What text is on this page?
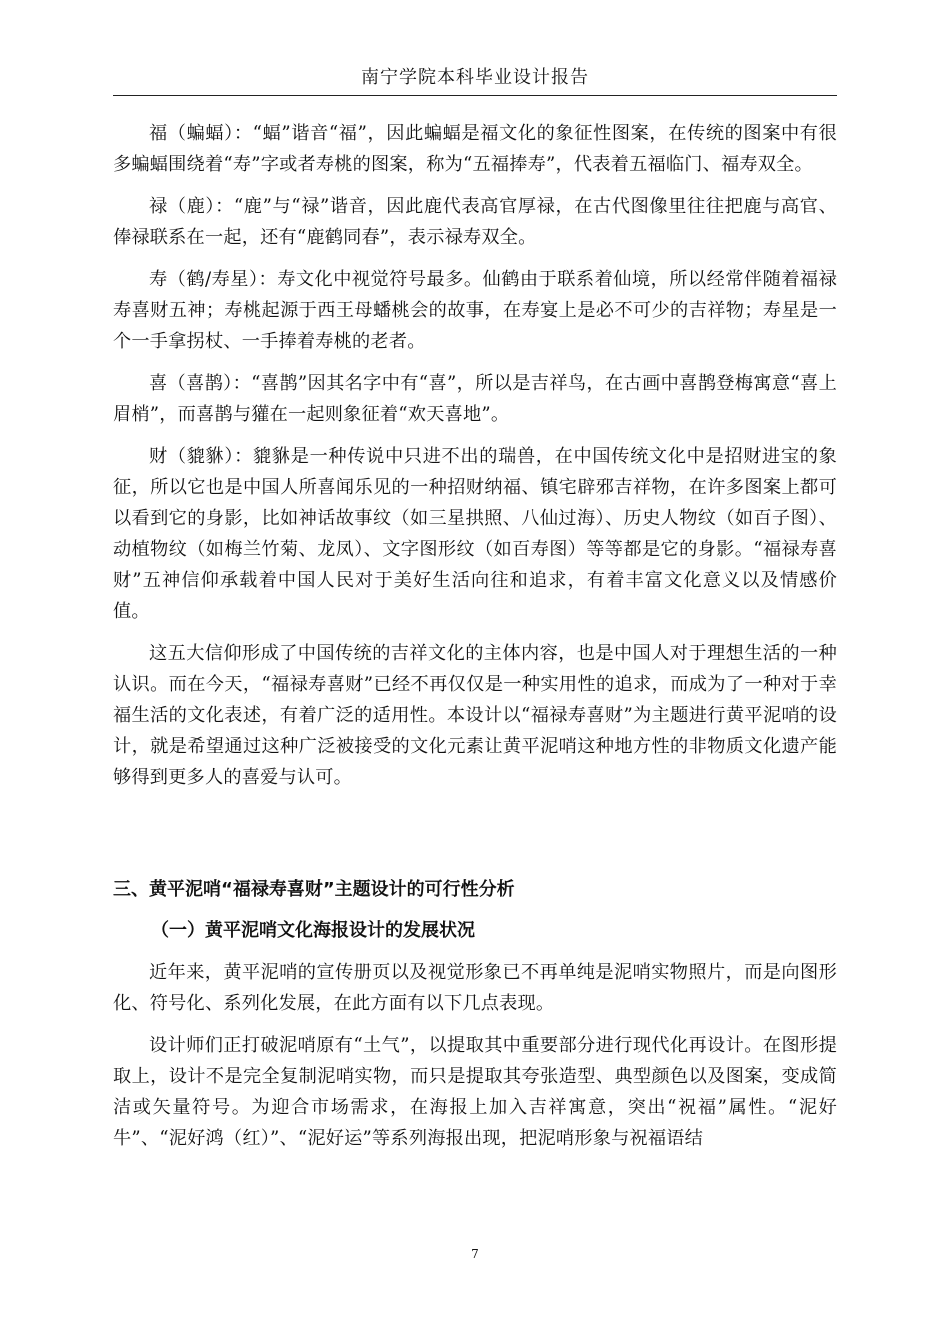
南宁学院本科毕业设计报告

福（蝙蝠）：“蝠”谐音“福”，因此蝙蝠是福文化的象征性图案，在传统的图案中有很多蝙蝠围绕着“寿”字或者寿桃的图案，称为“五福捧寿”，代表着五福临门、福寿双全。

禄（鹿）：“鹿”与“禄”谐音，因此鹿代表高官厚禄，在古代图像里往往把鹿与高官、俸禄联系在一起，还有“鹿鹤同春”，表示禄寿双全。

寿（鹤/寿星）：寿文化中视觉符号最多。仙鹤由于联系着仙境，所以经常伴随着福禄寿喜财五神；寿桃起源于西王母蟠桃会的故事，在寿宴上是必不可少的吉祥物；寿星是一个一手拿拐杖、一手捧着寿桃的老者。

喜（喜鹊）：“喜鹊”因其名字中有“喜”，所以是吉祥鸟，在古画中喜鹊登梅寓意“喜上眉梢”，而喜鹊与獾在一起则象征着“欢天喜地”。

财（貔貅）：貔貅是一种传说中只进不出的瑞兽，在中国传统文化中是招财进宝的象征，所以它也是中国人所喜闻乐见的一种招财纳福、镇宅辟邪吉祥物，在许多图案上都可以看到它的身影，比如神话故事纹（如三星拱照、八仙过海）、历史人物纹（如百子图）、动植物纹（如梅兰竹菊、龙凤）、文字图形纹（如百寿图）等等都是它的身影。“福禄寿喜财”五神信仰承载着中国人民对于美好生活向往和追求，有着丰富文化意义以及情感价值。

这五大信仰形成了中国传统的吉祥文化的主体内容，也是中国人对于理想生活的一种认识。而在今天，“福禄寿喜财”已经不再仅仅是一种实用性的追求，而成为了一种对于幸福生活的文化表述，有着广泛的适用性。本设计以“福禄寿喜财”为主题进行黄平泥哨的设计，就是希望通过这种广泛被接受的文化元素让黄平泥哨这种地方性的非物质文化遗产能够得到更多人的喜爱与认可。

三、黄平泥哨“福禄寿喜财”主题设计的可行性分析
（一）黄平泥哨文化海报设计的发展状况

近年来，黄平泥哨的宣传册页以及视觉形象已不再单纯是泥哨实物照片，而是向图形化、符号化、系列化发展，在此方面有以下几点表现。

设计师们正打破泥哨原有“土气”，以提取其中重要部分进行现代化再设计。在图形提取上，设计不是完全复制泥哨实物，而只是提取其夸张造型、典型颜色以及图案，变成简洁或矢量符号。为迎合市场需求，在海报上加入吉祥寓意，突出“祝福”属性。“泥好牛”、“泥好鸿（红）”、“泥好运”等系列海报出现，把泥哨形象与祝福语结

7
